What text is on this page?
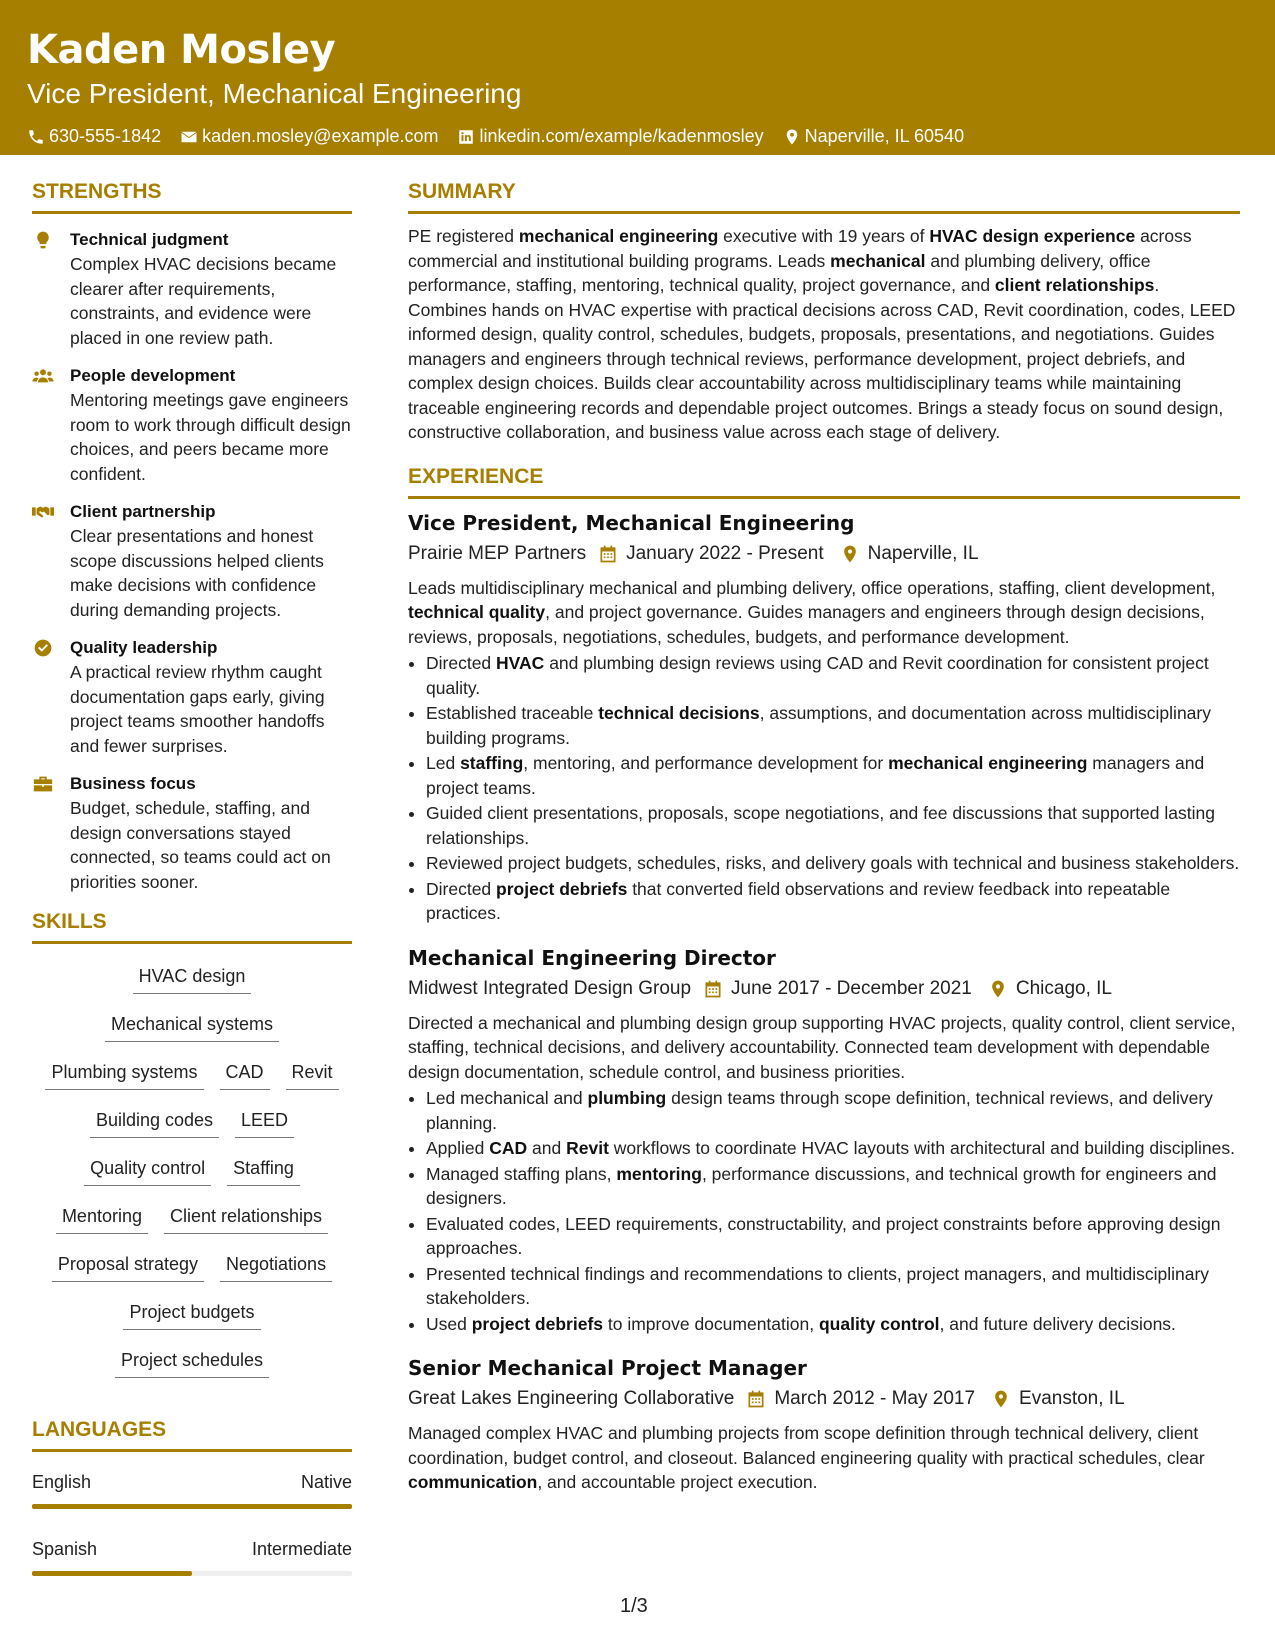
Kaden Mosley
Vice President, Mechanical Engineering
630-555-1842 kaden.mosley@example.com linkedin.com/example/kadenmosley Naperville, IL 60540
STRENGTHS
Technical judgment
Complex HVAC decisions became clearer after requirements, constraints, and evidence were placed in one review path.
People development
Mentoring meetings gave engineers room to work through difficult design choices, and peers became more confident.
Client partnership
Clear presentations and honest scope discussions helped clients make decisions with confidence during demanding projects.
Quality leadership
A practical review rhythm caught documentation gaps early, giving project teams smoother handoffs and fewer surprises.
Business focus
Budget, schedule, staffing, and design conversations stayed connected, so teams could act on priorities sooner.
SKILLS
HVAC design
Mechanical systems
Plumbing systems	CAD	Revit
Building codes	LEED
Quality control	Staffing
Mentoring	Client relationships
Proposal strategy	Negotiations
Project budgets
Project schedules
LANGUAGES
English	Native
Spanish	Intermediate
SUMMARY
PE registered mechanical engineering executive with 19 years of HVAC design experience across commercial and institutional building programs. Leads mechanical and plumbing delivery, office performance, staffing, mentoring, technical quality, project governance, and client relationships. Combines hands on HVAC expertise with practical decisions across CAD, Revit coordination, codes, LEED informed design, quality control, schedules, budgets, proposals, presentations, and negotiations. Guides managers and engineers through technical reviews, performance development, project debriefs, and complex design choices. Builds clear accountability across multidisciplinary teams while maintaining traceable engineering records and dependable project outcomes. Brings a steady focus on sound design, constructive collaboration, and business value across each stage of delivery.
EXPERIENCE
Vice President, Mechanical Engineering
Prairie MEP Partners January 2022 - Present Naperville, IL
Leads multidisciplinary mechanical and plumbing delivery, office operations, staffing, client development, technical quality, and project governance. Guides managers and engineers through design decisions, reviews, proposals, negotiations, schedules, budgets, and performance development.
• Directed HVAC and plumbing design reviews using CAD and Revit coordination for consistent project quality.
• Established traceable technical decisions, assumptions, and documentation across multidisciplinary building programs.
• Led staffing, mentoring, and performance development for mechanical engineering managers and project teams.
• Guided client presentations, proposals, scope negotiations, and fee discussions that supported lasting relationships.
• Reviewed project budgets, schedules, risks, and delivery goals with technical and business stakeholders.
• Directed project debriefs that converted field observations and review feedback into repeatable practices.
Mechanical Engineering Director
Midwest Integrated Design Group June 2017 - December 2021 Chicago, IL
Directed a mechanical and plumbing design group supporting HVAC projects, quality control, client service, staffing, technical decisions, and delivery accountability. Connected team development with dependable design documentation, schedule control, and business priorities.
• Led mechanical and plumbing design teams through scope definition, technical reviews, and delivery planning.
• Applied CAD and Revit workflows to coordinate HVAC layouts with architectural and building disciplines.
• Managed staffing plans, mentoring, performance discussions, and technical growth for engineers and designers.
• Evaluated codes, LEED requirements, constructability, and project constraints before approving design approaches.
• Presented technical findings and recommendations to clients, project managers, and multidisciplinary stakeholders.
• Used project debriefs to improve documentation, quality control, and future delivery decisions.
Senior Mechanical Project Manager
Great Lakes Engineering Collaborative March 2012 - May 2017 Evanston, IL
Managed complex HVAC and plumbing projects from scope definition through technical delivery, client coordination, budget control, and closeout. Balanced engineering quality with practical schedules, clear communication, and accountable project execution.
1/3
